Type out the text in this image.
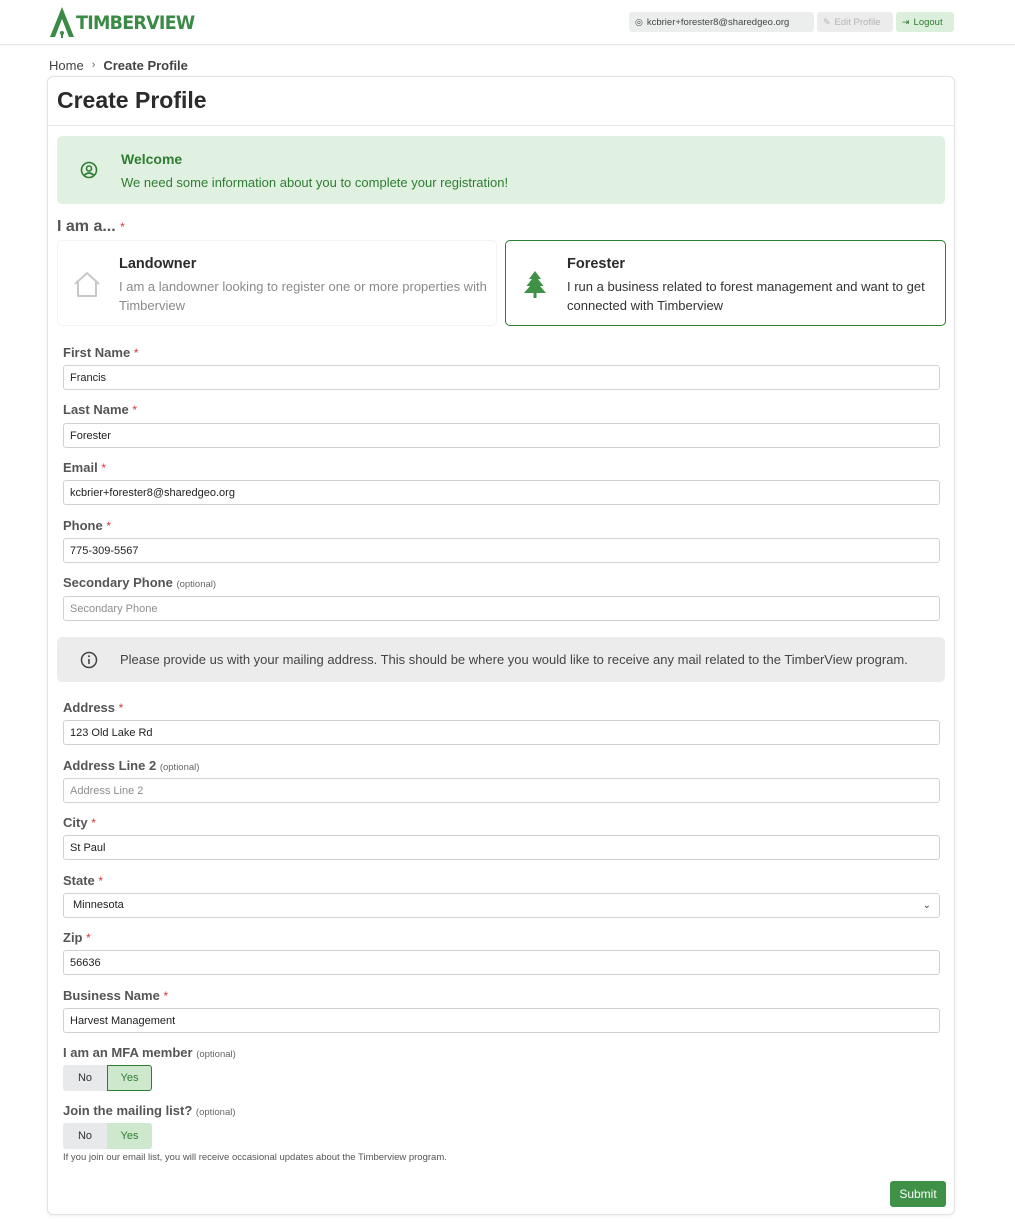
TIMBERVIEW	◎ kcbrier+forester8@sharedgeo.org	✎ Edit Profile ⇥ Logout
Home › Create Profile
Create Profile
Welcome
We need some information about you to complete your registration!
I am a... *
Landowner
I am a landowner looking to register one or more properties with Timberview
Forester
I run a business related to forest management and want to get connected with Timberview
First Name *
Francis
Last Name *
Forester
Email *
kcbrier+forester8@sharedgeo.org
Phone *
775-309-5567
Secondary Phone (optional)
Secondary Phone
Please provide us with your mailing address. This should be where you would like to receive any mail related to the TimberView program.
Address *
123 Old Lake Rd
Address Line 2 (optional)
Address Line 2
City *
St Paul
State *
Minnesota	⌄
Zip *
56636
Business Name *
Harvest Management
I am an MFA member (optional)
No	Yes
Join the mailing list? (optional)
No	Yes
If you join our email list, you will receive occasional updates about the Timberview program.
Submit
